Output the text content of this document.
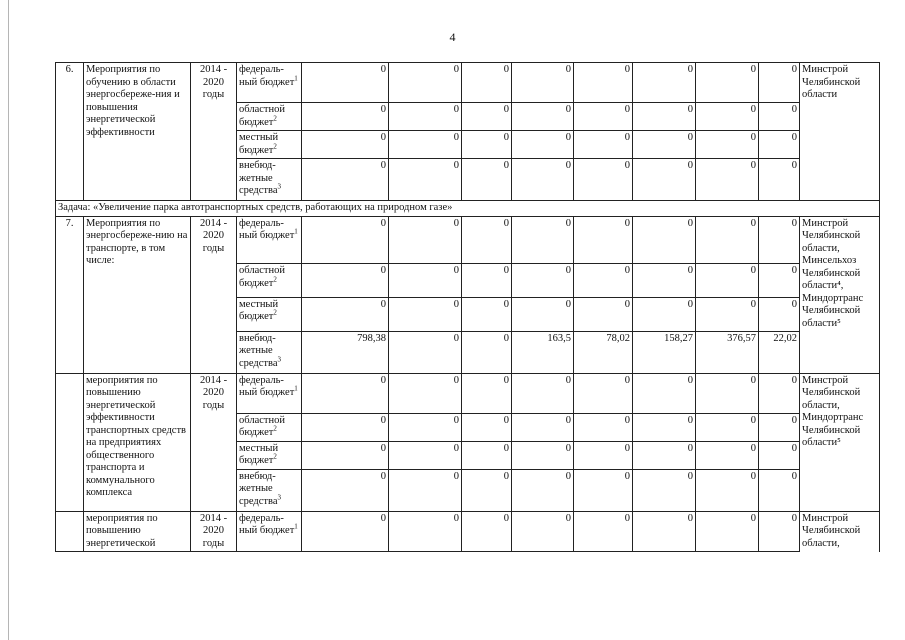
4
6.	Мероприятия по обучению в области энергосбереже-ния и повышения энергетической эффективности	2014 - 2020 годы	федераль-ный бюджет$^1$	0	0	0	0	0	0	0	0	Минстрой Челябинской области
			областной бюджет$^2$	0	0	0	0	0	0	0	0	
			местный бюджет$^2$	0	0	0	0	0	0	0	0	
			внебюд-жетные средства$^3$	0	0	0	0	0	0	0	0	
Задача: «Увеличение парка автотранспортных средств, работающих на природном газе»												
7.	Мероприятия по энергосбереже-нию на транспорте, в том числе:	2014 - 2020 годы	федераль-ный бюджет$^1$	0	0	0	0	0	0	0	0	Минстрой Челябинской области, Минсельхоз Челябинской области⁴, Миндортранс Челябинской области⁵
			областной бюджет$^2$	0	0	0	0	0	0	0	0	
			местный бюджет$^2$	0	0	0	0	0	0	0	0	
			внебюд-жетные средства$^3$	798,38	0	0	163,5	78,02	158,27	376,57	22,02	
	мероприятия по повышению энергетической эффективности транспортных средств на предприятиях общественного транспорта и коммунального комплекса	2014 - 2020 годы	федераль-ный бюджет$^1$	0	0	0	0	0	0	0	0	Минстрой Челябинской области, Миндортранс Челябинской области⁵
			областной бюджет$^2$	0	0	0	0	0	0	0	0	
			местный бюджет$^2$	0	0	0	0	0	0	0	0	
			внебюд-жетные средства$^3$	0	0	0	0	0	0	0	0	
	мероприятия по повышению энергетической	2014 - 2020 годы	федераль-ный бюджет$^1$	0	0	0	0	0	0	0	0	Минстрой Челябинской области,
